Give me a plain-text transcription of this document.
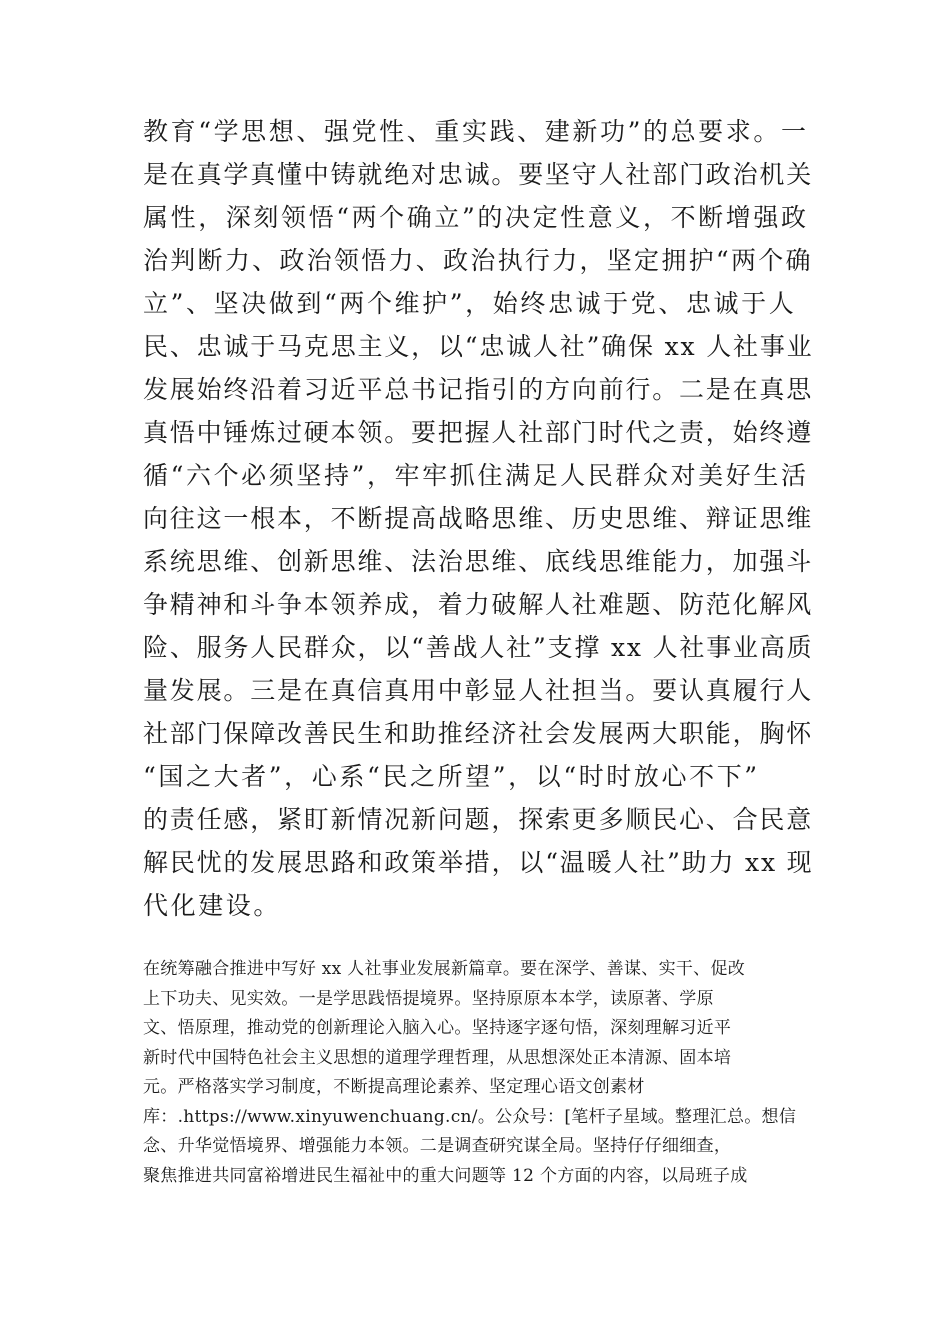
教育“学思想、强党性、重实践、建新功”的总要求。一
是在真学真懂中铸就绝对忠诚。要坚守人社部门政治机关
属性，深刻领悟“两个确立”的决定性意义，不断增强政
治判断力、政治领悟力、政治执行力，坚定拥护“两个确
立”、坚决做到“两个维护”，始终忠诚于党、忠诚于人
民、忠诚于马克思主义，以“忠诚人社”确保 xx 人社事业
发展始终沿着习近平总书记指引的方向前行。二是在真思
真悟中锤炼过硬本领。要把握人社部门时代之责，始终遵
循“六个必须坚持”，牢牢抓住满足人民群众对美好生活
向往这一根本，不断提高战略思维、历史思维、辩证思维
系统思维、创新思维、法治思维、底线思维能力，加强斗
争精神和斗争本领养成，着力破解人社难题、防范化解风
险、服务人民群众，以“善战人社”支撑 xx 人社事业高质
量发展。三是在真信真用中彰显人社担当。要认真履行人
社部门保障改善民生和助推经济社会发展两大职能，胸怀
“国之大者”，心系“民之所望”，以“时时放心不下”
的责任感，紧盯新情况新问题，探索更多顺民心、合民意
解民忧的发展思路和政策举措，以“温暖人社”助力 xx 现
代化建设。
在统筹融合推进中写好 xx 人社事业发展新篇章。要在深学、善谋、实干、促改
上下功夫、见实效。一是学思践悟提境界。坚持原原本本学，读原著、学原
文、悟原理，推动党的创新理论入脑入心。坚持逐字逐句悟，深刻理解习近平
新时代中国特色社会主义思想的道理学理哲理，从思想深处正本清源、固本培
元。严格落实学习制度，不断提高理论素养、坚定理心语文创素材
库：.https://www.xinyuwenchuang.cn/。公众号：[笔杆子星域。整理汇总。想信
念、升华觉悟境界、增强能力本领。二是调查研究谋全局。坚持仔仔细细查，
聚焦推进共同富裕增进民生福祉中的重大问题等 12 个方面的内容，以局班子成
